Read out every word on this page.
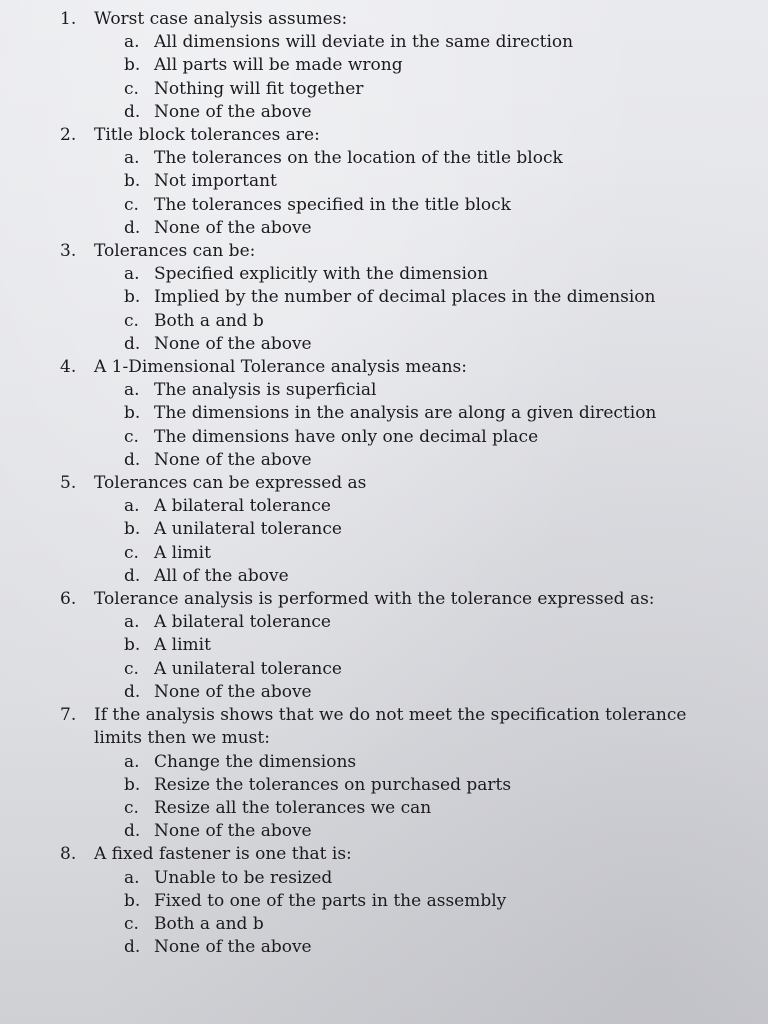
1.	Worst case analysis assumes:
a. All dimensions will deviate in the same direction
b. All parts will be made wrong
c. Nothing will fit together
d. None of the above
2.	Title block tolerances are:
a. The tolerances on the location of the title block
b. Not important
c. The tolerances specified in the title block
d. None of the above
3.	Tolerances can be:
a. Specified explicitly with the dimension
b. Implied by the number of decimal places in the dimension
c. Both a and b
d. None of the above
4.	A 1-Dimensional Tolerance analysis means:
a. The analysis is superficial
b. The dimensions in the analysis are along a given direction
c. The dimensions have only one decimal place
d. None of the above
5.	Tolerances can be expressed as
a. A bilateral tolerance
b. A unilateral tolerance
c. A limit
d. All of the above
6.	Tolerance analysis is performed with the tolerance expressed as:
a. A bilateral tolerance
b. A limit
c. A unilateral tolerance
d. None of the above
7.	If the analysis shows that we do not meet the specification tolerance limits then we must:
a. Change the dimensions
b. Resize the tolerances on purchased parts
c. Resize all the tolerances we can
d. None of the above
8.	A fixed fastener is one that is:
a. Unable to be resized
b. Fixed to one of the parts in the assembly
c. Both a and b
d. None of the above
